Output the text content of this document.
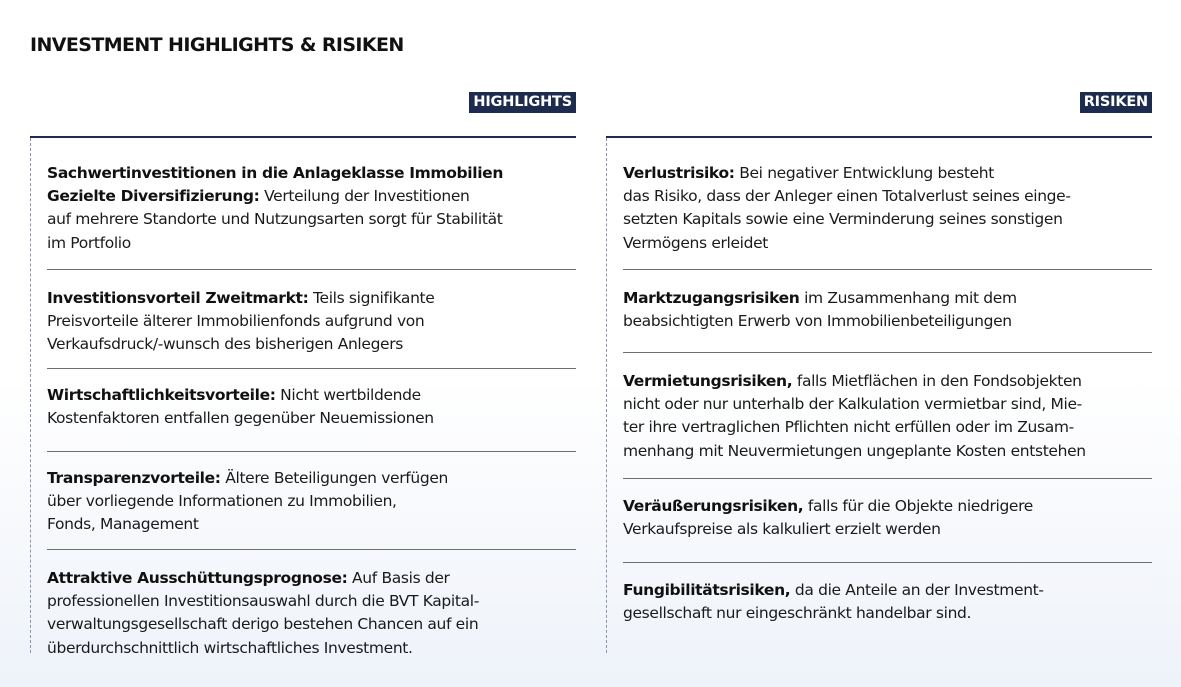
INVESTMENT HIGHLIGHTS & RISIKEN
HIGHLIGHTS
Sachwertinvestitionen in die Anlageklasse Immobilien
Gezielte Diversifizierung: Verteilung der Investitionen
auf mehrere Standorte und Nutzungsarten sorgt für Stabilität
im Portfolio
Investitionsvorteil Zweitmarkt: Teils signifikante
Preisvorteile älterer Immobilienfonds aufgrund von
Verkaufsdruck/-wunsch des bisherigen Anlegers
Wirtschaftlichkeitsvorteile: Nicht wertbildende
Kostenfaktoren entfallen gegenüber Neuemissionen
Transparenzvorteile: Ältere Beteiligungen verfügen
über vorliegende Informationen zu Immobilien,
Fonds, Management
Attraktive Ausschüttungsprognose: Auf Basis der
professionellen Investitionsauswahl durch die BVT Kapital-
verwaltungsgesellschaft derigo bestehen Chancen auf ein
überdurchschnittlich wirtschaftliches Investment.
RISIKEN
Verlustrisiko: Bei negativer Entwicklung besteht
das Risiko, dass der Anleger einen Totalverlust seines einge-
setzten Kapitals sowie eine Verminderung seines sonstigen
Vermögens erleidet
Marktzugangsrisiken im Zusammenhang mit dem
beabsichtigten Erwerb von Immobilienbeteiligungen
Vermietungsrisiken, falls Mietflächen in den Fondsobjekten
nicht oder nur unterhalb der Kalkulation vermietbar sind, Mie-
ter ihre vertraglichen Pflichten nicht erfüllen oder im Zusam-
menhang mit Neuvermietungen ungeplante Kosten entstehen
Veräußerungsrisiken, falls für die Objekte niedrigere
Verkaufspreise als kalkuliert erzielt werden
Fungibilitätsrisiken, da die Anteile an der Investment-
gesellschaft nur eingeschränkt handelbar sind.
